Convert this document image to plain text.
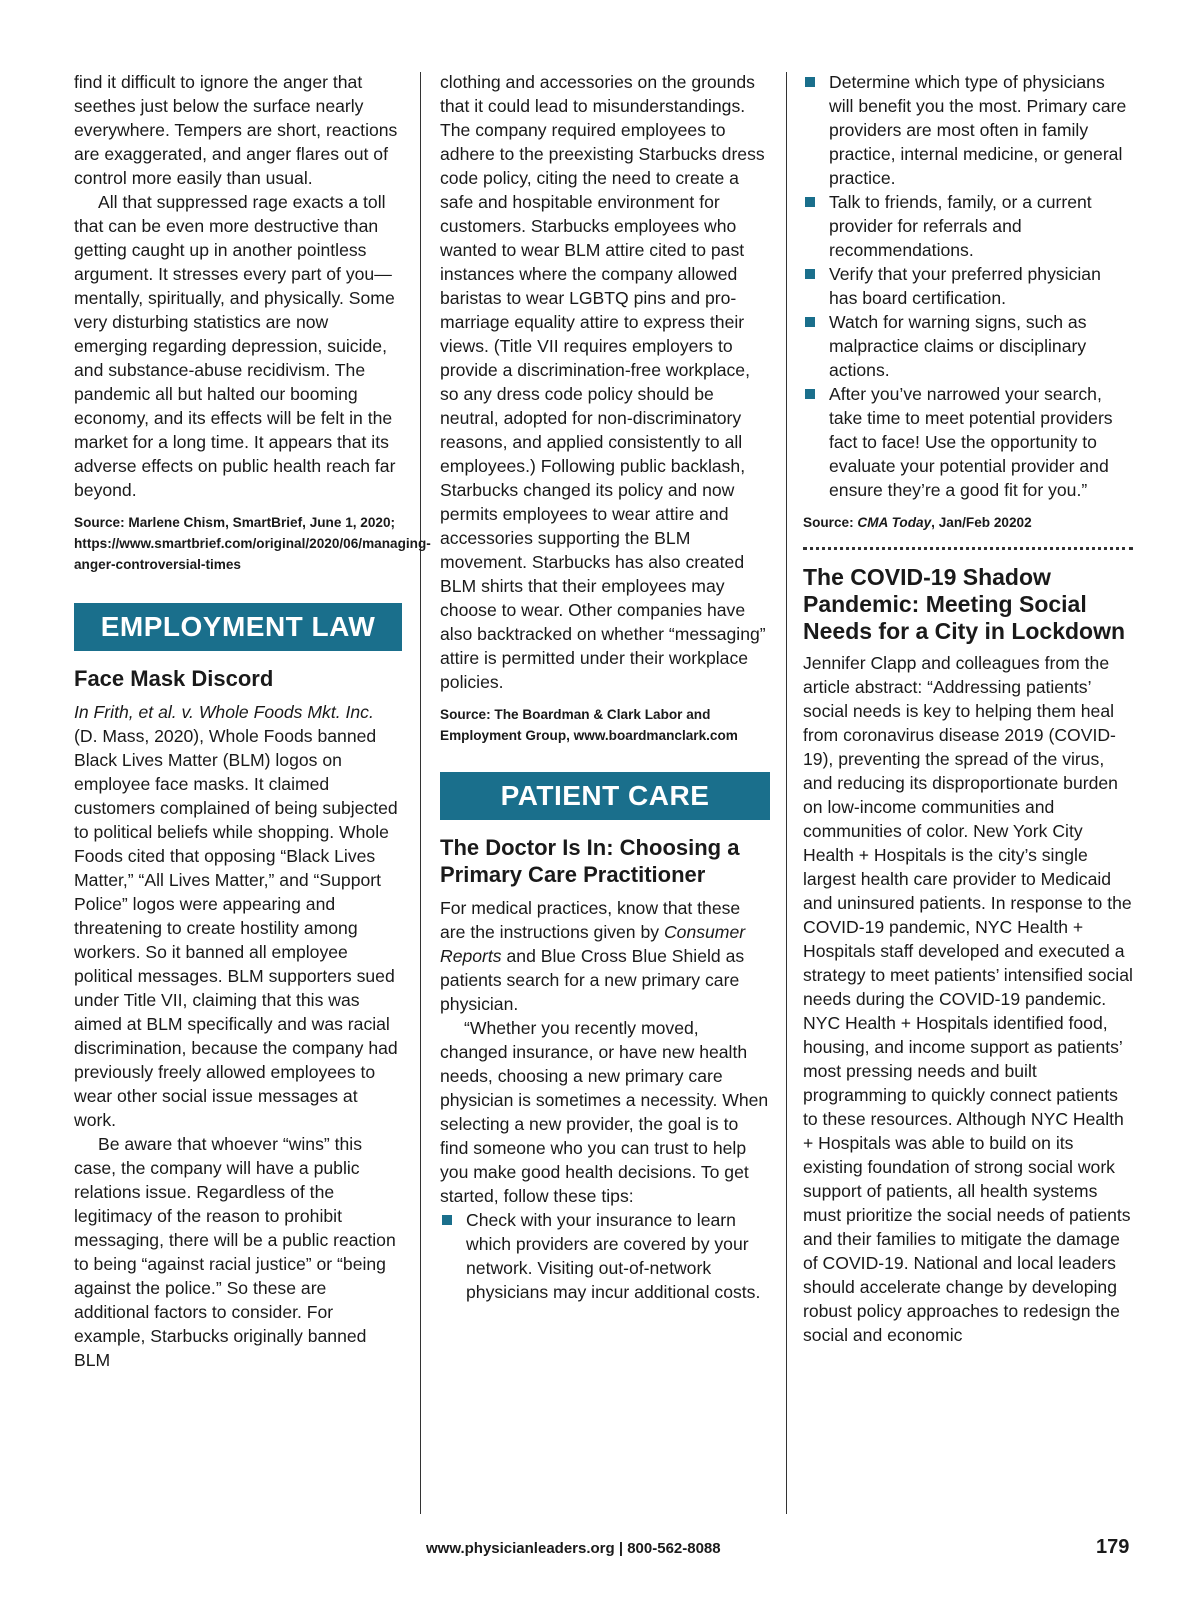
find it difficult to ignore the anger that seethes just below the surface nearly everywhere. Tempers are short, reactions are exaggerated, and anger flares out of control more easily than usual.

All that suppressed rage exacts a toll that can be even more destructive than getting caught up in another pointless argument. It stresses every part of you—mentally, spiritually, and physically. Some very disturbing statistics are now emerging regarding depression, suicide, and substance-abuse recidivism. The pandemic all but halted our booming economy, and its effects will be felt in the market for a long time. It appears that its adverse effects on public health reach far beyond.

Source: Marlene Chism, SmartBrief, June 1, 2020; https://www.smartbrief.com/original/2020/06/managing-anger-controversial-times

EMPLOYMENT LAW
Face Mask Discord

In Frith, et al. v. Whole Foods Mkt. Inc. (D. Mass, 2020), Whole Foods banned Black Lives Matter (BLM) logos on employee face masks. It claimed customers complained of being subjected to political beliefs while shopping. Whole Foods cited that opposing “Black Lives Matter,” “All Lives Matter,” and “Support Police” logos were appearing and threatening to create hostility among workers. So it banned all employee political messages. BLM supporters sued under Title VII, claiming that this was aimed at BLM specifically and was racial discrimination, because the company had previously freely allowed employees to wear other social issue messages at work.

Be aware that whoever “wins” this case, the company will have a public relations issue. Regardless of the legitimacy of the reason to prohibit messaging, there will be a public reaction to being “against racial justice” or “being against the police.” So these are additional factors to consider. For example, Starbucks originally banned BLM

clothing and accessories on the grounds that it could lead to misunderstandings. The company required employees to adhere to the preexisting Starbucks dress code policy, citing the need to create a safe and hospitable environment for customers. Starbucks employees who wanted to wear BLM attire cited to past instances where the company allowed baristas to wear LGBTQ pins and pro-marriage equality attire to express their views. (Title VII requires employers to provide a discrimination-free workplace, so any dress code policy should be neutral, adopted for non-discriminatory reasons, and applied consistently to all employees.) Following public backlash, Starbucks changed its policy and now permits employees to wear attire and accessories supporting the BLM movement. Starbucks has also created BLM shirts that their employees may choose to wear. Other companies have also backtracked on whether “messaging” attire is permitted under their workplace policies.

Source: The Boardman & Clark Labor and Employment Group, www.boardmanclark.com

PATIENT CARE
The Doctor Is In: Choosing a Primary Care Practitioner

For medical practices, know that these are the instructions given by Consumer Reports and Blue Cross Blue Shield as patients search for a new primary care physician.

“Whether you recently moved, changed insurance, or have new health needs, choosing a new primary care physician is sometimes a necessity. When selecting a new provider, the goal is to find someone who you can trust to help you make good health decisions. To get started, follow these tips:

Check with your insurance to learn which providers are covered by your network. Visiting out-of-network physicians may incur additional costs.
Determine which type of physicians will benefit you the most. Primary care providers are most often in family practice, internal medicine, or general practice.
Talk to friends, family, or a current provider for referrals and recommendations.
Verify that your preferred physician has board certification.
Watch for warning signs, such as malpractice claims or disciplinary actions.
After you’ve narrowed your search, take time to meet potential providers fact to face! Use the opportunity to evaluate your potential provider and ensure they’re a good fit for you.”

Source: CMA Today, Jan/Feb 20202

The COVID-19 Shadow Pandemic: Meeting Social Needs for a City in Lockdown

Jennifer Clapp and colleagues from the article abstract: “Addressing patients’ social needs is key to helping them heal from coronavirus disease 2019 (COVID-19), preventing the spread of the virus, and reducing its disproportionate burden on low-income communities and communities of color. New York City Health + Hospitals is the city’s single largest health care provider to Medicaid and uninsured patients. In response to the COVID-19 pandemic, NYC Health + Hospitals staff developed and executed a strategy to meet patients’ intensified social needs during the COVID-19 pandemic. NYC Health + Hospitals identified food, housing, and income support as patients’ most pressing needs and built programming to quickly connect patients to these resources. Although NYC Health + Hospitals was able to build on its existing foundation of strong social work support of patients, all health systems must prioritize the social needs of patients and their families to mitigate the damage of COVID-19. National and local leaders should accelerate change by developing robust policy approaches to redesign the social and economic

www.physicianleaders.org | 800-562-8088	179
